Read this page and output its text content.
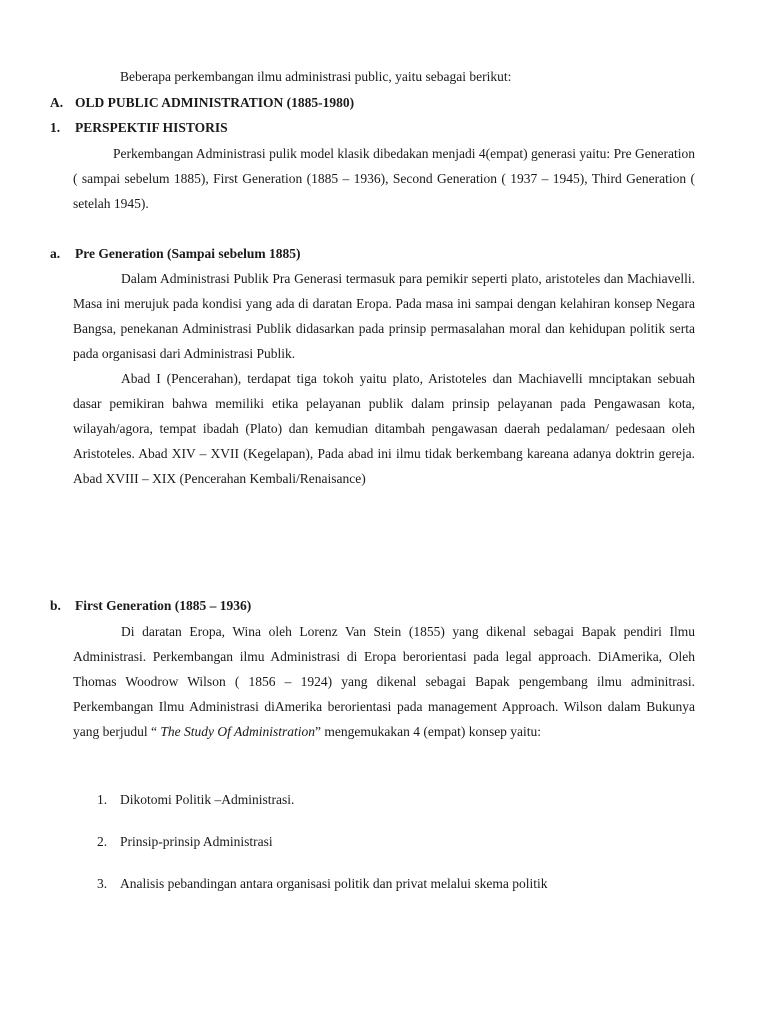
Beberapa perkembangan ilmu administrasi public, yaitu sebagai berikut:
A. OLD PUBLIC ADMINISTRATION (1885-1980)
1. PERSPEKTIF HISTORIS

Perkembangan Administrasi pulik model klasik dibedakan menjadi 4(empat) generasi yaitu: Pre Generation ( sampai sebelum 1885), First Generation (1885 – 1936), Second Generation ( 1937 – 1945), Third Generation ( setelah 1945).

a. Pre Generation (Sampai sebelum 1885)

Dalam Administrasi Publik Pra Generasi termasuk para pemikir seperti plato, aristoteles dan Machiavelli. Masa ini merujuk pada kondisi yang ada di daratan Eropa. Pada masa ini sampai dengan kelahiran konsep Negara Bangsa, penekanan Administrasi Publik didasarkan pada prinsip permasalahan moral dan kehidupan politik serta pada organisasi dari Administrasi Publik.

Abad I (Pencerahan), terdapat tiga tokoh yaitu plato, Aristoteles dan Machiavelli mnciptakan sebuah dasar pemikiran bahwa memiliki etika pelayanan publik dalam prinsip pelayanan pada Pengawasan kota, wilayah/agora, tempat ibadah (Plato) dan kemudian ditambah pengawasan daerah pedalaman/ pedesaan oleh Aristoteles. Abad XIV – XVII (Kegelapan), Pada abad ini ilmu tidak berkembang kareana adanya doktrin gereja. Abad XVIII – XIX (Pencerahan Kembali/Renaisance)

b. First Generation (1885 – 1936)

Di daratan Eropa, Wina oleh Lorenz Van Stein (1855) yang dikenal sebagai Bapak pendiri Ilmu Administrasi. Perkembangan ilmu Administrasi di Eropa berorientasi pada legal approach. DiAmerika, Oleh Thomas Woodrow Wilson ( 1856 – 1924) yang dikenal sebagai Bapak pengembang ilmu adminitrasi. Perkembangan Ilmu Administrasi diAmerika berorientasi pada management Approach. Wilson dalam Bukunya yang berjudul “ The Study Of Administration” mengemukakan 4 (empat) konsep yaitu:

1. Dikotomi Politik –Administrasi.
2. Prinsip-prinsip Administrasi
3. Analisis pebandingan antara organisasi politik dan privat melalui skema politik
